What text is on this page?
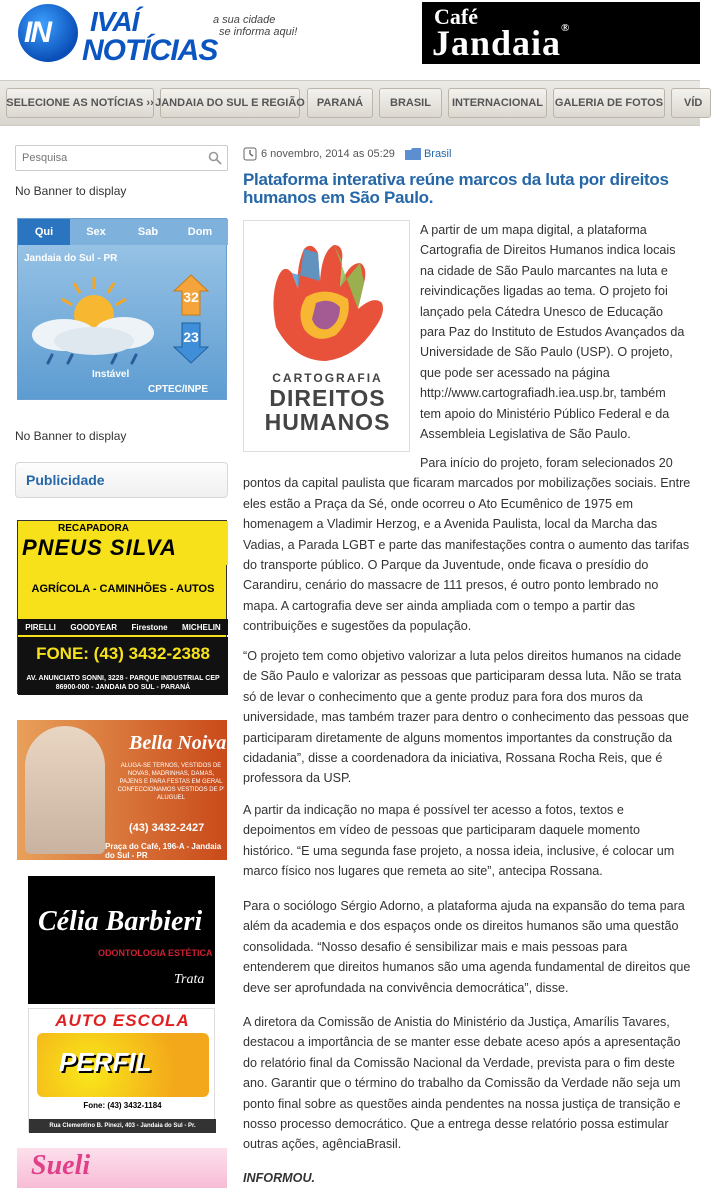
IN IVAÍ
NOTÍCIAS
a sua cidade
se informa aqui!
Café
Jandaia®
SELECIONE AS NOTÍCIAS ›› JANDAIA DO SUL E REGIÃO	PARANÁ	BRASIL	INTERNACIONAL	GALERIA DE FOTOS	VÍD
Pesquisa
No Banner to display
Qui	Sex	Sab	Dom
Jandaia do Sul - PR
32
23
Instável
CPTEC/INPE
No Banner to display
Publicidade
RECAPADORA
PNEUS SILVA
AGRÍCOLA - CAMINHÕES - AUTOS
PIRELLI GOODYEAR Firestone MICHELIN
FONE: (43) 3432-2388
AV. ANUNCIATO SONNI, 3228 - PARQUE INDUSTRIAL CEP 86900-000 - JANDAIA DO SUL - PARANÁ
Bella Noiva
ALUGA-SE TERNOS, VESTIDOS DE NOVAS, MADRINHAS, DAMAS, PAJENS E PARA FESTAS EM GERAL CONFECCIONAMOS VESTIDOS DE P' ALUGUEL
(43) 3432-2427
Praça do Café, 196-A - Jandaia do Sul - PR
Célia Barbieri
ODONTOLOGIA ESTÉTICA
Trata
AUTO ESCOLA
PERFIL
Fone: (43) 3432-1184
Rua Clementino B. Pinezi, 403 - Jandaia do Sul - Pr.
Sueli
6 novembro, 2014 as 05:29	Brasil
Plataforma interativa reúne marcos da luta por direitos humanos em São Paulo.
CARTOGRAFIA
DIREITOS
HUMANOS
A partir de um mapa digital, a plataforma Cartografia de Direitos Humanos indica locais na cidade de São Paulo marcantes na luta e reivindicações ligadas ao tema. O projeto foi lançado pela Cátedra Unesco de Educação para Paz do Instituto de Estudos Avançados da Universidade de São Paulo (USP). O projeto, que pode ser acessado na página http://www.cartografiadh.iea.usp.br, também tem apoio do Ministério Público Federal e da Assembleia Legislativa de São Paulo.
Para início do projeto, foram selecionados 20 pontos da capital paulista que ficaram marcados por mobilizações sociais. Entre eles estão a Praça da Sé, onde ocorreu o Ato Ecumênico de 1975 em homenagem a Vladimir Herzog, e a Avenida Paulista, local da Marcha das Vadias, a Parada LGBT e parte das manifestações contra o aumento das tarifas do transporte público. O Parque da Juventude, onde ficava o presídio do Carandiru, cenário do massacre de 111 presos, é outro ponto lembrado no mapa. A cartografia deve ser ainda ampliada com o tempo a partir das contribuições e sugestões da população.
“O projeto tem como objetivo valorizar a luta pelos direitos humanos na cidade de São Paulo e valorizar as pessoas que participaram dessa luta. Não se trata só de levar o conhecimento que a gente produz para fora dos muros da universidade, mas também trazer para dentro o conhecimento das pessoas que participaram diretamente de alguns momentos importantes da construção da cidadania”, disse a coordenadora da iniciativa, Rossana Rocha Reis, que é professora da USP.
A partir da indicação no mapa é possível ter acesso a fotos, textos e depoimentos em vídeo de pessoas que participaram daquele momento histórico. “E uma segunda fase projeto, a nossa ideia, inclusive, é colocar um marco físico nos lugares que remeta ao site”, antecipa Rossana.
Para o sociólogo Sérgio Adorno, a plataforma ajuda na expansão do tema para além da academia e dos espaços onde os direitos humanos são uma questão consolidada. “Nosso desafio é sensibilizar mais e mais pessoas para entenderem que direitos humanos são uma agenda fundamental de direitos que deve ser aprofundada na convivência democrática”, disse.
A diretora da Comissão de Anistia do Ministério da Justiça, Amarílis Tavares, destacou a importância de se manter esse debate aceso após a apresentação do relatório final da Comissão Nacional da Verdade, prevista para o fim deste ano. Garantir que o término do trabalho da Comissão da Verdade não seja um ponto final sobre as questões ainda pendentes na nossa justiça de transição e nosso processo democrático. Que a entrega desse relatório possa estimular outras ações, agênciaBrasil.
INFORMOU.
